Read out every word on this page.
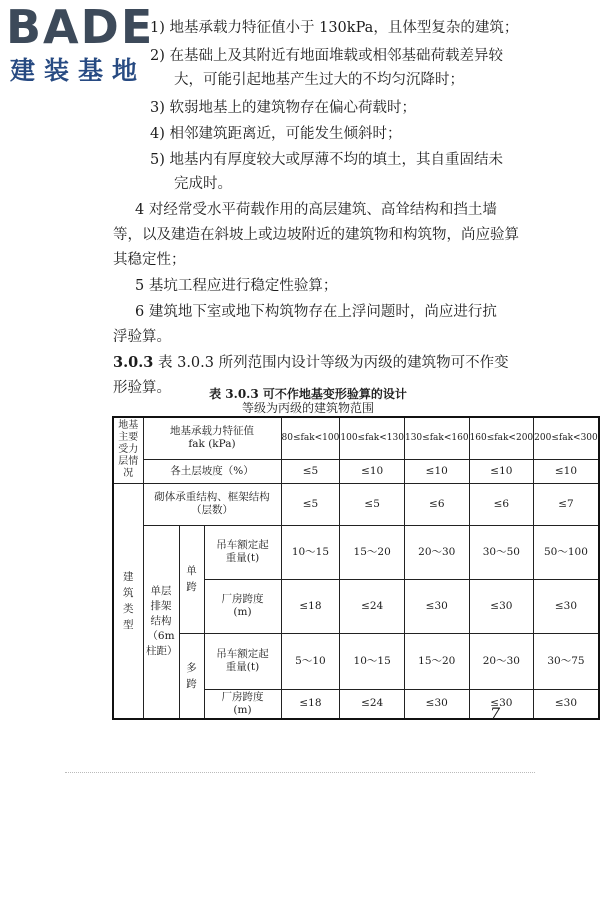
BADE
建装基地
1) 地基承载力特征值小于 130kPa，且体型复杂的建筑；
2) 在基础上及其附近有地面堆载或相邻基础荷载差异较
大，可能引起地基产生过大的不均匀沉降时；
3) 软弱地基上的建筑物存在偏心荷载时；
4) 相邻建筑距离近，可能发生倾斜时；
5) 地基内有厚度较大或厚薄不均的填土，其自重固结未
完成时。
4 对经常受水平荷载作用的高层建筑、高耸结构和挡土墙
等，以及建造在斜坡上或边坡附近的建筑物和构筑物，尚应验算
其稳定性；
5 基坑工程应进行稳定性验算；
6 建筑地下室或地下构筑物存在上浮问题时，尚应进行抗
浮验算。
3.0.3 表 3.0.3 所列范围内设计等级为丙级的建筑物可不作变
形验算。	表 3.0.3 可不作地基变形验算的设计
等级为丙级的建筑物范围
地基主要受力层情况	地基承载力特征值
fak (kPa)			80≤fak<100	100≤fak<130	130≤fak<160	160≤fak<200	200≤fak<300
	各土层坡度（%）			≤5	≤10	≤10	≤10	≤10

建筑类型	砌体承重结构、框架结构（层数）			≤5	≤5	≤6	≤6	≤7

	单层排架结构（6m柱距）	单跨	吊车额定起重量(t)	10～15	15～20	20～30	30～50	50～100
			厂房跨度(m)	≤18	≤24	≤30	≤30	≤30

		多跨	吊车额定起重量(t)	5～10	10～15	15～20	20～30	30～75
			厂房跨度(m)	≤18	≤24	≤30	≤30	≤30
7
